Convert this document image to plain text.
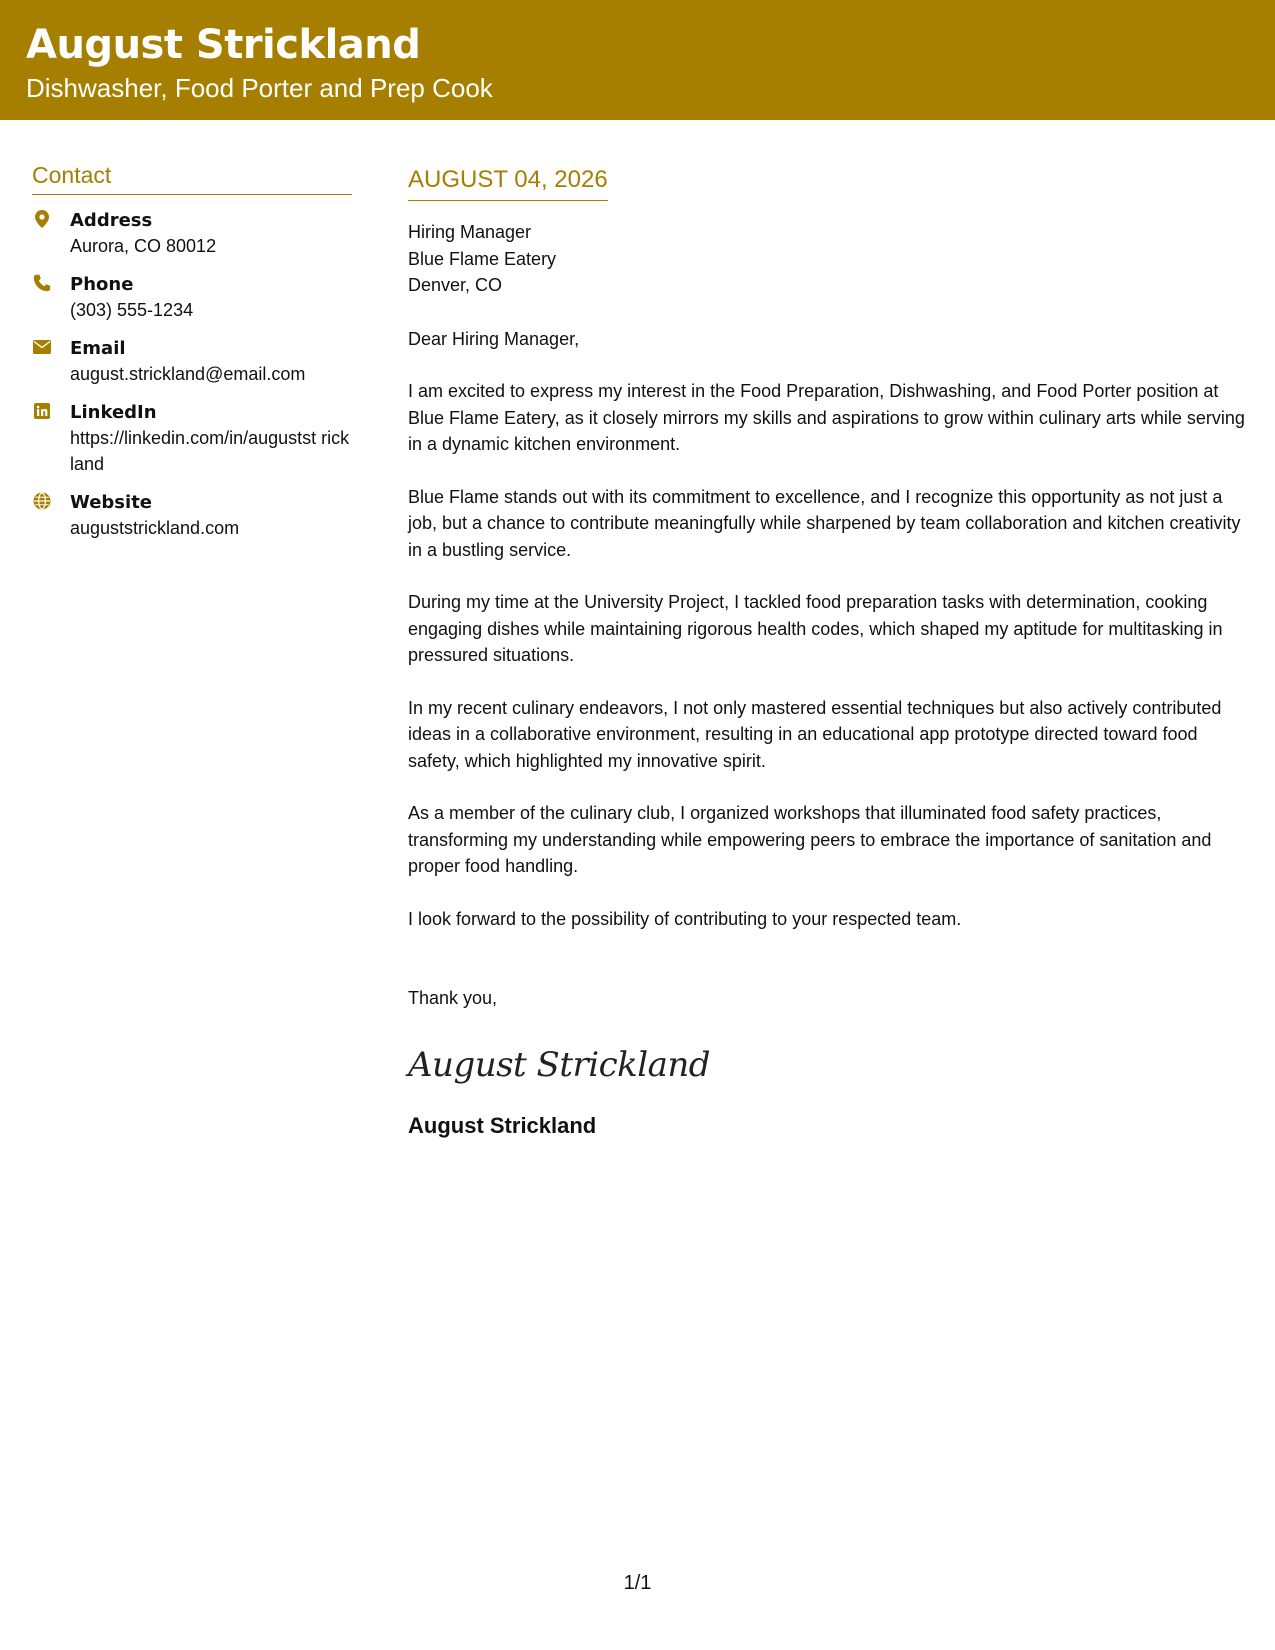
August Strickland
Dishwasher, Food Porter and Prep Cook
Contact
Address
Aurora, CO 80012
Phone
(303) 555-1234
Email
august.strickland@email.com
LinkedIn
https://linkedin.com/in/augustst rickland
Website
auguststrickland.com
AUGUST 04, 2026
Hiring Manager
Blue Flame Eatery
Denver, CO
Dear Hiring Manager,
I am excited to express my interest in the Food Preparation, Dishwashing, and Food Porter position at Blue Flame Eatery, as it closely mirrors my skills and aspirations to grow within culinary arts while serving in a dynamic kitchen environment.
Blue Flame stands out with its commitment to excellence, and I recognize this opportunity as not just a job, but a chance to contribute meaningfully while sharpened by team collaboration and kitchen creativity in a bustling service.
During my time at the University Project, I tackled food preparation tasks with determination, cooking engaging dishes while maintaining rigorous health codes, which shaped my aptitude for multitasking in pressured situations.
In my recent culinary endeavors, I not only mastered essential techniques but also actively contributed ideas in a collaborative environment, resulting in an educational app prototype directed toward food safety, which highlighted my innovative spirit.
As a member of the culinary club, I organized workshops that illuminated food safety practices, transforming my understanding while empowering peers to embrace the importance of sanitation and proper food handling.
I look forward to the possibility of contributing to your respected team.
Thank you,
August Strickland
August Strickland
1/1
